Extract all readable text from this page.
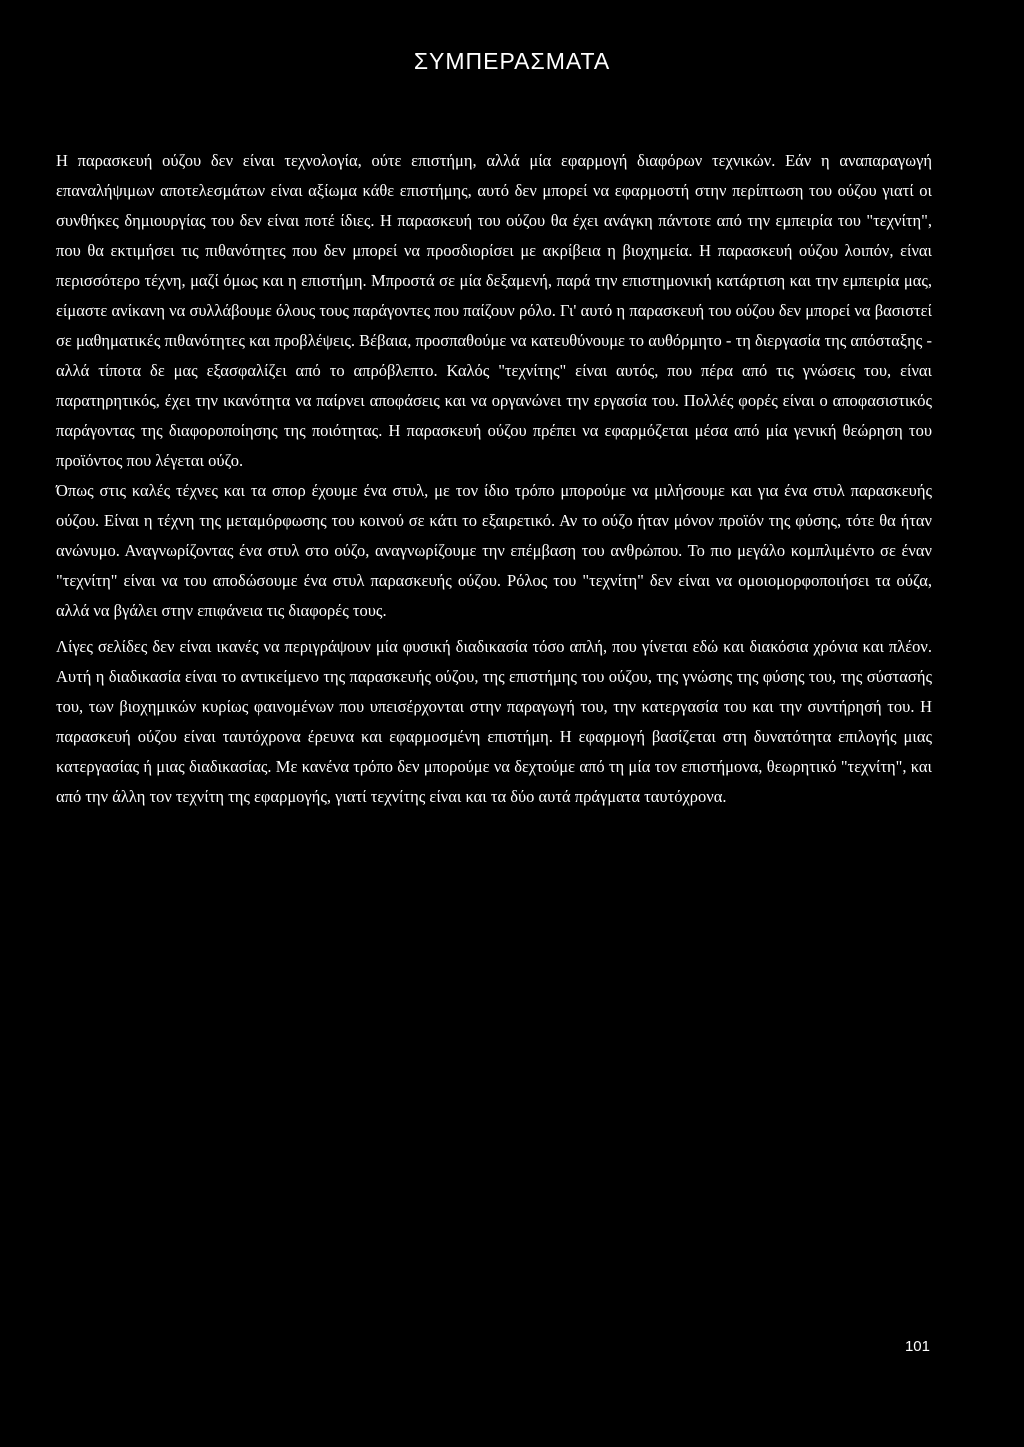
ΣΥΜΠΕΡΑΣΜΑΤΑ

Η παρασκευή ούζου δεν είναι τεχνολογία, ούτε επιστήμη, αλλά μία εφαρμογή διαφόρων τεχνικών. Εάν η αναπαραγωγή επαναλήψιμων αποτελεσμάτων είναι αξίωμα κάθε επιστήμης, αυτό δεν μπορεί να εφαρμοστή στην περίπτωση του ούζου γιατί οι συνθήκες δημιουργίας του δεν είναι ποτέ ίδιες. Η παρασκευή του ούζου θα έχει ανάγκη πάντοτε από την εμπειρία του "τεχνίτη", που θα εκτιμήσει τις πιθανότητες που δεν μπορεί να προσδιορίσει με ακρίβεια η βιοχημεία. Η παρασκευή ούζου λοιπόν, είναι περισσότερο τέχνη, μαζί όμως και η επιστήμη. Μπροστά σε μία δεξαμενή, παρά την επιστημονική κατάρτιση και την εμπειρία μας, είμαστε ανίκανη να συλλάβουμε όλους τους παράγοντες που παίζουν ρόλο. Γι' αυτό η παρασκευή του ούζου δεν μπορεί να βασιστεί σε μαθηματικές πιθανότητες και προβλέψεις. Βέβαια, προσπαθούμε να κατευθύνουμε το αυθόρμητο - τη διεργασία της απόσταξης - αλλά τίποτα δε μας εξασφαλίζει από το απρόβλεπτο. Καλός "τεχνίτης" είναι αυτός, που πέρα από τις γνώσεις του, είναι παρατηρητικός, έχει την ικανότητα να παίρνει αποφάσεις και να οργανώνει την εργασία του. Πολλές φορές είναι ο αποφασιστικός παράγοντας της διαφοροποίησης της ποιότητας. Η παρασκευή ούζου πρέπει να εφαρμόζεται μέσα από μία γενική θεώρηση του προϊόντος που λέγεται ούζο.

Όπως στις καλές τέχνες και τα σπορ έχουμε ένα στυλ, με τον ίδιο τρόπο μπορούμε να μιλήσουμε και για ένα στυλ παρασκευής ούζου. Είναι η τέχνη της μεταμόρφωσης του κοινού σε κάτι το εξαιρετικό. Αν το ούζο ήταν μόνον προϊόν της φύσης, τότε θα ήταν ανώνυμο. Αναγνωρίζοντας ένα στυλ στο ούζο, αναγνωρίζουμε την επέμβαση του ανθρώπου. Το πιο μεγάλο κομπλιμέντο σε έναν "τεχνίτη" είναι να του αποδώσουμε ένα στυλ παρασκευής ούζου. Ρόλος του "τεχνίτη" δεν είναι να ομοιομορφοποιήσει τα ούζα, αλλά να βγάλει στην επιφάνεια τις διαφορές τους.

Λίγες σελίδες δεν είναι ικανές να περιγράψουν μία φυσική διαδικασία τόσο απλή, που γίνεται εδώ και διακόσια χρόνια και πλέον. Αυτή η διαδικασία είναι το αντικείμενο της παρασκευής ούζου, της επιστήμης του ούζου, της γνώσης της φύσης του, της σύστασής του, των βιοχημικών κυρίως φαινομένων που υπεισέρχονται στην παραγωγή του, την κατεργασία του και την συντήρησή του. Η παρασκευή ούζου είναι ταυτόχρονα έρευνα και εφαρμοσμένη επιστήμη. Η εφαρμογή βασίζεται στη δυνατότητα επιλογής μιας κατεργασίας ή μιας διαδικασίας. Με κανένα τρόπο δεν μπορούμε να δεχτούμε από τη μία τον επιστήμονα, θεωρητικό "τεχνίτη", και από την άλλη τον τεχνίτη της εφαρμογής, γιατί τεχνίτης είναι και τα δύο αυτά πράγματα ταυτόχρονα.

101
